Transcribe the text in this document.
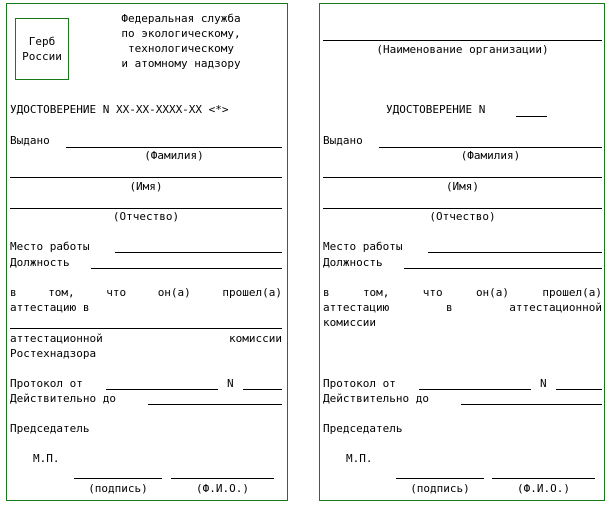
Герб
России
Федеральная служба
по экологическому,
технологическому
и атомному надзору
УДОСТОВЕРЕНИЕ N XX-XX-XXXX-XX <*>
Выдано
(Фамилия)
(Имя)
(Отчество)
Место работы
Должность
в	том,	что	он(а)	прошел(а)
аттестацию в
аттестационной	комиссии
Ростехнадзора
Протокол от	N
Действительно до
Председатель
М.П.
(подпись)	(Ф.И.О.)
(Наименование организации)
УДОСТОВЕРЕНИЕ N
Выдано
(Фамилия)
(Имя)
(Отчество)
Место работы
Должность
в	том,	что	он(а)	прошел(а)
аттестацию	в	аттестационной
комиссии
Протокол от	N
Действительно до
Председатель
М.П.
(подпись)	(Ф.И.О.)
